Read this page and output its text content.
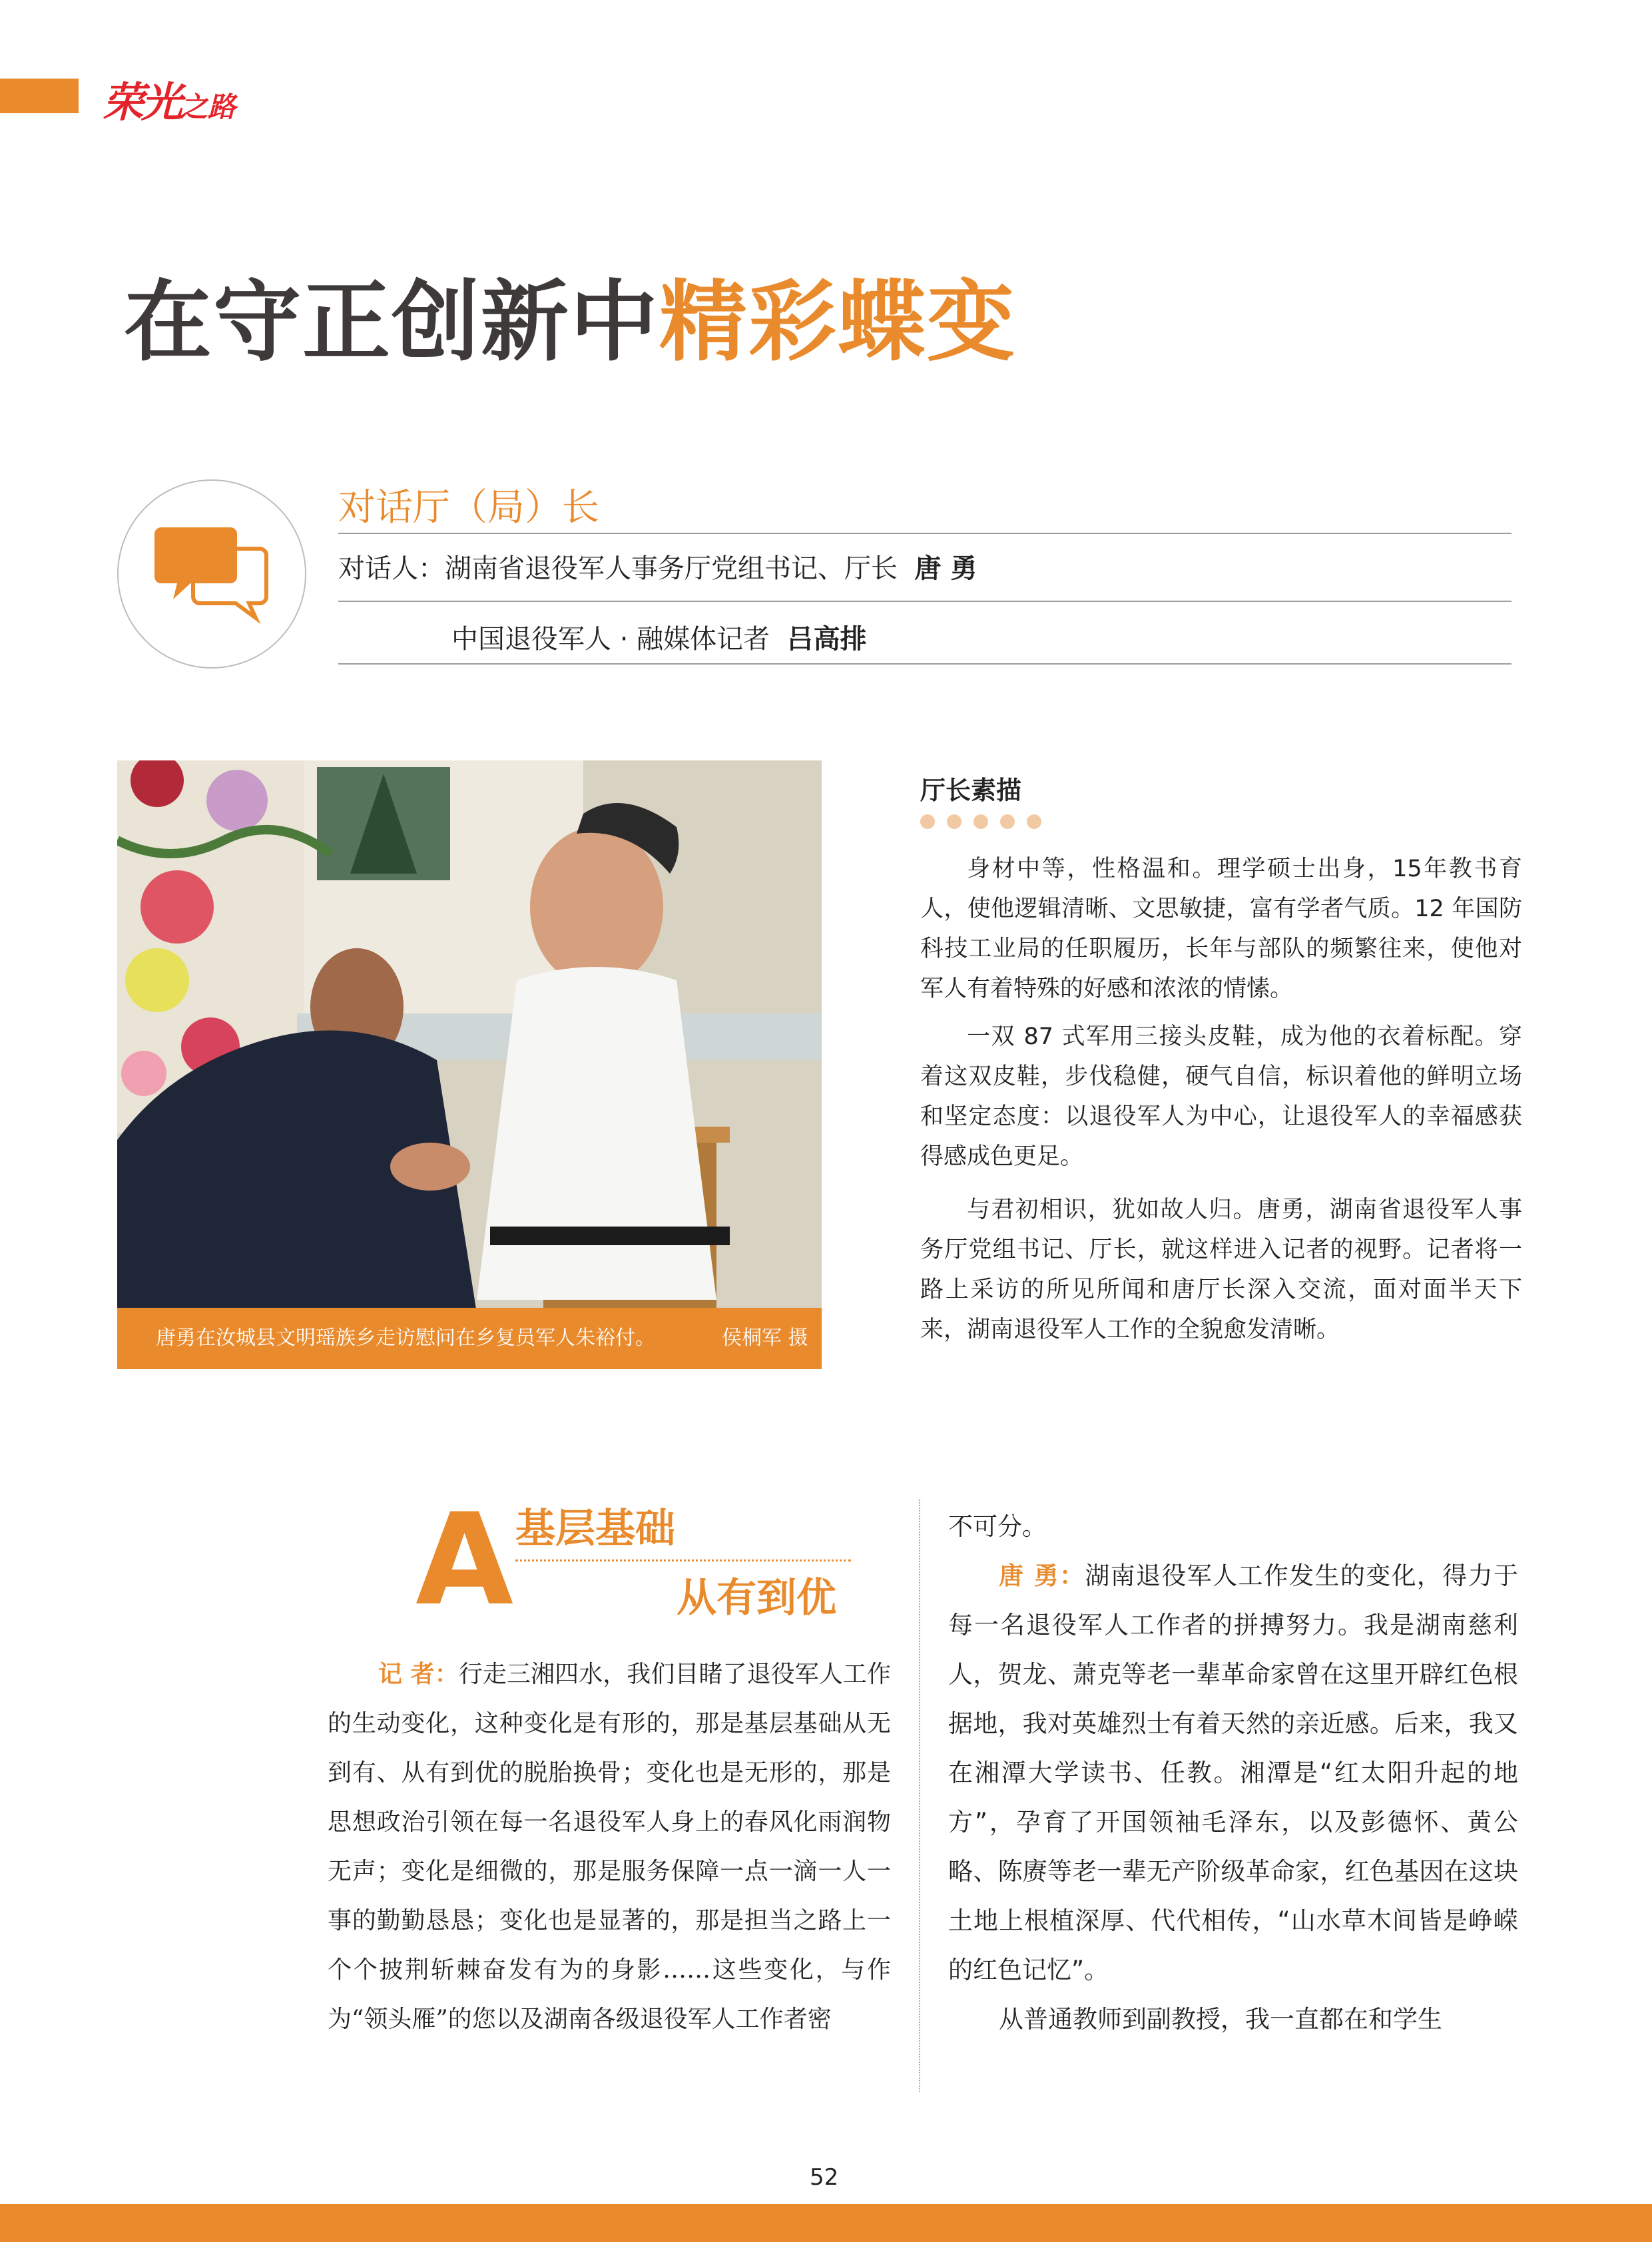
荣光之路
在守正创新中精彩蝶变
对话厅（局）长
对话人：湖南省退役军人事务厅党组书记、厅长 唐 勇
中国退役军人 · 融媒体记者 吕高排
唐勇在汝城县文明瑶族乡走访慰问在乡复员军人朱裕付。	侯桐军 摄
厅长素描
身材中等，性格温和。理学硕士出身，15年教书育人，使他逻辑清晰、文思敏捷，富有学者气质。12 年国防科技工业局的任职履历，长年与部队的频繁往来，使他对军人有着特殊的好感和浓浓的情愫。
一双 87 式军用三接头皮鞋，成为他的衣着标配。穿着这双皮鞋，步伐稳健，硬气自信，标识着他的鲜明立场和坚定态度：以退役军人为中心，让退役军人的幸福感获得感成色更足。
与君初相识，犹如故人归。唐勇，湖南省退役军人事务厅党组书记、厅长，就这样进入记者的视野。记者将一路上采访的所见所闻和唐厅长深入交流，面对面半天下来，湖南退役军人工作的全貌愈发清晰。
A 基层基础
从有到优
记 者：行走三湘四水，我们目睹了退役军人工作的生动变化，这种变化是有形的，那是基层基础从无到有、从有到优的脱胎换骨；变化也是无形的，那是思想政治引领在每一名退役军人身上的春风化雨润物无声；变化是细微的，那是服务保障一点一滴一人一事的勤勤恳恳；变化也是显著的，那是担当之路上一个个披荆斩棘奋发有为的身影……这些变化，与作为“领头雁”的您以及湖南各级退役军人工作者密

不可分。

唐 勇：湖南退役军人工作发生的变化，得力于每一名退役军人工作者的拼搏努力。我是湖南慈利人，贺龙、萧克等老一辈革命家曾在这里开辟红色根据地，我对英雄烈士有着天然的亲近感。后来，我又在湘潭大学读书、任教。湘潭是“红太阳升起的地方”，孕育了开国领袖毛泽东，以及彭德怀、黄公略、陈赓等老一辈无产阶级革命家，红色基因在这块土地上根植深厚、代代相传，“山水草木间皆是峥嵘的红色记忆”。

从普通教师到副教授，我一直都在和学生

52
